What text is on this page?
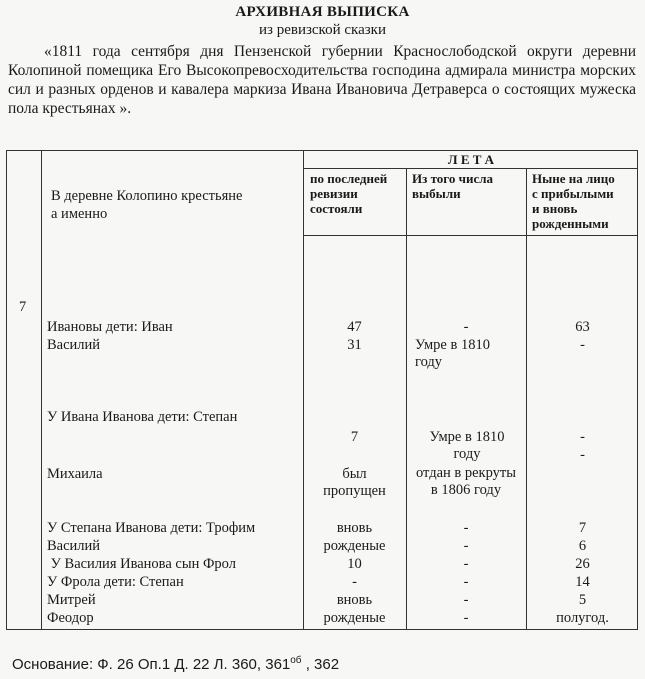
АРХИВНАЯ ВЫПИСКА
из ревизской сказки
«1811 года сентября дня Пензенской губернии Краснослободской округи деревни Колопиной помещика Его Высокопревосходительства господина адмирала министра морских сил и разных орденов и кавалера маркиза Ивана Ивановича Детраверса о состоящих мужеска пола крестьянах ».
7
В деревне Колопино крестьяне
а именно
Л Е Т А
по последней
ревизии
состояли
Из того числа
выбыли
Ныне на лицо
с прибылыми
и вновь
рожденными
Ивановы дети: Иван
Василий
У Ивана Иванова дети: Степан
Михаила
У Степана Иванова дети: Трофим
Василий
У Василия Иванова сын Фрол
У Фрола дети: Степан
Митрей
Феодор
47
31
7
был пропущен
вновь
рожденые
10
-
вновь
рожденые
-
Умре в 1810 году
Умре в 1810 году
отдан в рекруты в 1806 году
-
-
-
-
-
-
63
-
-
-
7
6
26
14
5
полугод.
Основание: Ф. 26 Оп.1 Д. 22 Л. 360, $361^{об}$ , 362
